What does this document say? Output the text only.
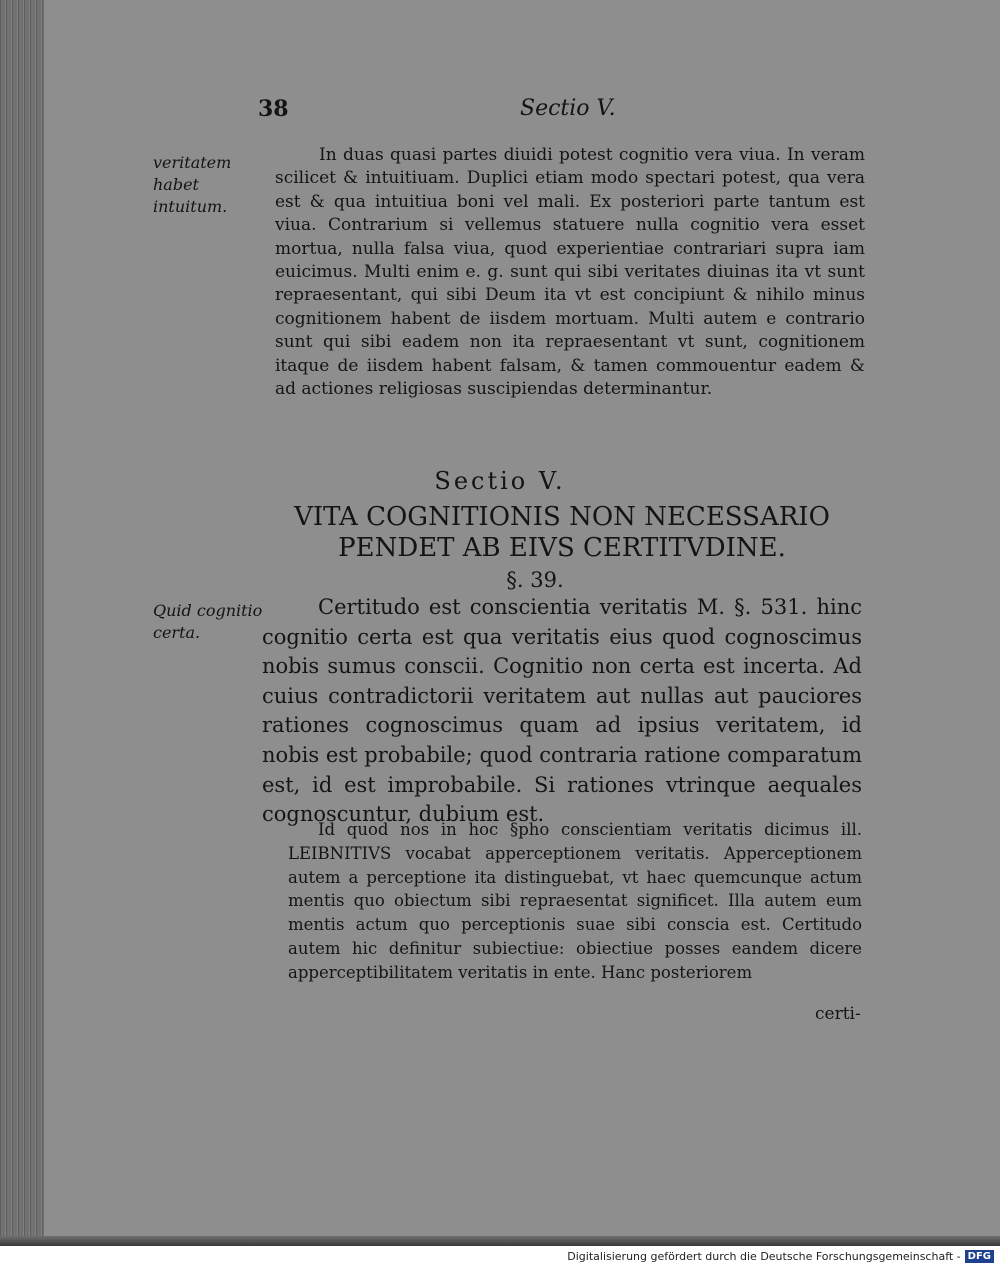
38	Sectio V.
veritatem habet intuitum.
Quid cognitio certa.
In duas quasi partes diuidi potest cognitio vera viua. In veram scilicet & intuitiuam. Duplici etiam modo spectari potest, qua vera est & qua intuitiua boni vel mali. Ex posteriori parte tantum est viua. Contrarium si vellemus statuere nulla cognitio vera esset mortua, nulla falsa viua, quod experientiae contrariari supra iam euicimus. Multi enim e. g. sunt qui sibi veritates diuinas ita vt sunt repraesentant, qui sibi Deum ita vt est concipiunt & nihilo minus cognitionem habent de iisdem mortuam. Multi autem e contrario sunt qui sibi eadem non ita repraesentant vt sunt, cognitionem itaque de iisdem habent falsam, & tamen commouentur eadem & ad actiones religiosas suscipiendas determinantur.
Sectio V.
VITA COGNITIONIS NON NECESSARIO PENDET AB EIVS CERTITVDINE.
§. 39.
Certitudo est conscientia veritatis M. §. 531. hinc cognitio certa est qua veritatis eius quod cognoscimus nobis sumus conscii. Cognitio non certa est incerta. Ad cuius contradictorii veritatem aut nullas aut pauciores rationes cognoscimus quam ad ipsius veritatem, id nobis est probabile; quod contraria ratione comparatum est, id est improbabile. Si rationes vtrinque aequales cognoscuntur, dubium est.
Id quod nos in hoc §pho conscientiam veritatis dicimus ill. LEIBNITIVS vocabat apperceptionem veritatis. Apperceptionem autem a perceptione ita distinguebat, vt haec quemcunque actum mentis quo obiectum sibi repraesentat significet. Illa autem eum mentis actum quo perceptionis suae sibi conscia est. Certitudo autem hic definitur subiectiue: obiectiue posses eandem dicere apperceptibilitatem veritatis in ente. Hanc posteriorem
certi-
Digitalisierung gefördert durch die Deutsche Forschungsgemeinschaft - DFG
